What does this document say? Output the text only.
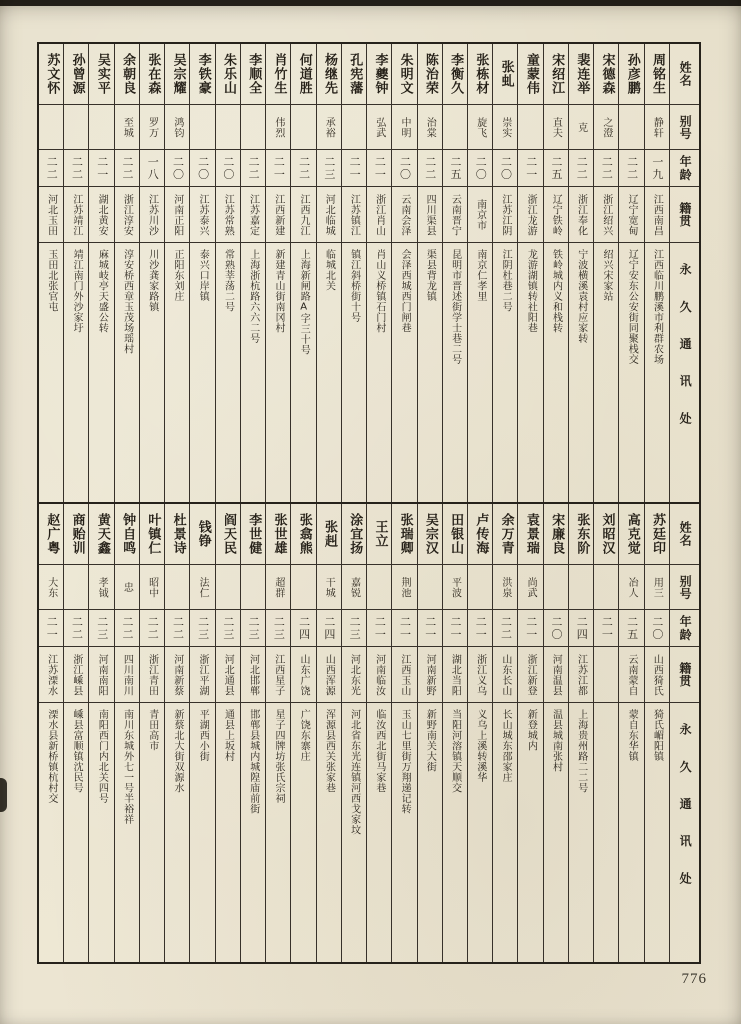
苏文怀
二二
河北玉田
玉田北张官屯
孙曾源
二二
江苏靖江
靖江南门外沙家圩
吴实平
二一
湖北黄安
麻城岐亭天盛公转
余朝良
至城
二二
浙江淳安
淳安桥西章玉茂场瑶村
张在森
罗万
一八
江苏川沙
川沙龚家路镇
吴宗耀
鸿钧
二〇
河南正阳
正阳东刘庄
李铁豪
二〇
江苏泰兴
泰兴口岸镇
朱乐山
二〇
江苏常熟
常熟莘荡二号
李顺全
二二
江苏嘉定
上海浙杭路六六二号
肖竹生
伟烈
二一
江西新建
新建青山街南冈村
何道胜
二二
江西九江
上海新闸路A字三十号
杨继先
承裕
二三
河北临城
临城北关
孔宪藩
二一
江苏镇江
镇江斜桥街十号
李夔钟
弘武
二一
浙江肖山
肖山义桥镇石门村
朱明文
中明
二〇
云南会泽
会泽西城西门闸巷
陈治荣
治棠
二二
四川渠县
渠县背龙镇
李衡久
二五
云南晋宁
昆明市晋述街学士巷二号
张栋材
旋飞
二〇
南京市
南京仁孝里
张虬
崇实
二〇
江苏江阴
江阴杜巷二号
童蒙伟
二一
浙江龙游
龙游湖镇转社阳巷
宋绍江
直夫
二五
辽宁铁岭
铁岭城内义和栈转
裴连举
克
二二
浙江奉化
宁波横溪袁村应家转
宋德森
之澄
二二
浙江绍兴
绍兴宋家站
孙彦鹏
二二
辽宁宽甸
辽宁安东公安街同聚栈交
周铭生
静轩
一九
江西南昌
江西临川鹏溪市利群农场
姓名
别号
年龄
籍贯
永久通讯处
赵广粤
大东
二一
江苏溧水
溧水县新桥镇杭村交
商贻训
二二
浙江嵊县
嵊县富顺镇沈民号
黄天鑫
孝钺
二三
河南南阳
南阳西门内北关四号
钟自鸣
忠
二二
四川南川
南川东城外七一号半裕祥
叶镇仁
昭中
二二
浙江青田
青田高市
杜景诗
二二
河南新蔡
新蔡北大街双源水
钱铮
法仁
二三
浙江平湖
平湖西小街
阎天民
二三
河北通县
通县上坂村
李世健
二三
河北邯郸
邯郸县城内城隍庙前街
张世雄
超群
二三
江西星子
星子四牌坊张氏宗祠
张翕熊
二四
山东广饶
广饶东寨庄
张赳
干城
二四
山西浑源
浑源县西关张家巷
涂宜扬
嘉锐
二三
河北东光
河北省东光连镇河西戈家坟
王立
二一
河南临汝
临汝西北街马家巷
张瑞卿
荆池
二一
江西玉山
玉山七里街万翔递记转
吴宗汉
二一
河南新野
新野南关大街
田银山
平波
二一
湖北当阳
当阳河溶镇天顺交
卢传海
二一
浙江义乌
义乌上溪转溪华
余万青
洪泉
二二
山东长山
长山城东邵家庄
袁景瑞
尚武
二一
浙江新登
新登城内
宋廉良
二〇
河南温县
温县城南张村
张东阶
二四
江苏江都
上海贵州路二二号
刘昭汉
二一
高克觉
冶人
二五
云南蒙自
蒙自东华镇
苏廷印
用三
二〇
山西猗氏
猗氏嵋阳镇
姓名
别号
年龄
籍贯
永久通讯处
776
